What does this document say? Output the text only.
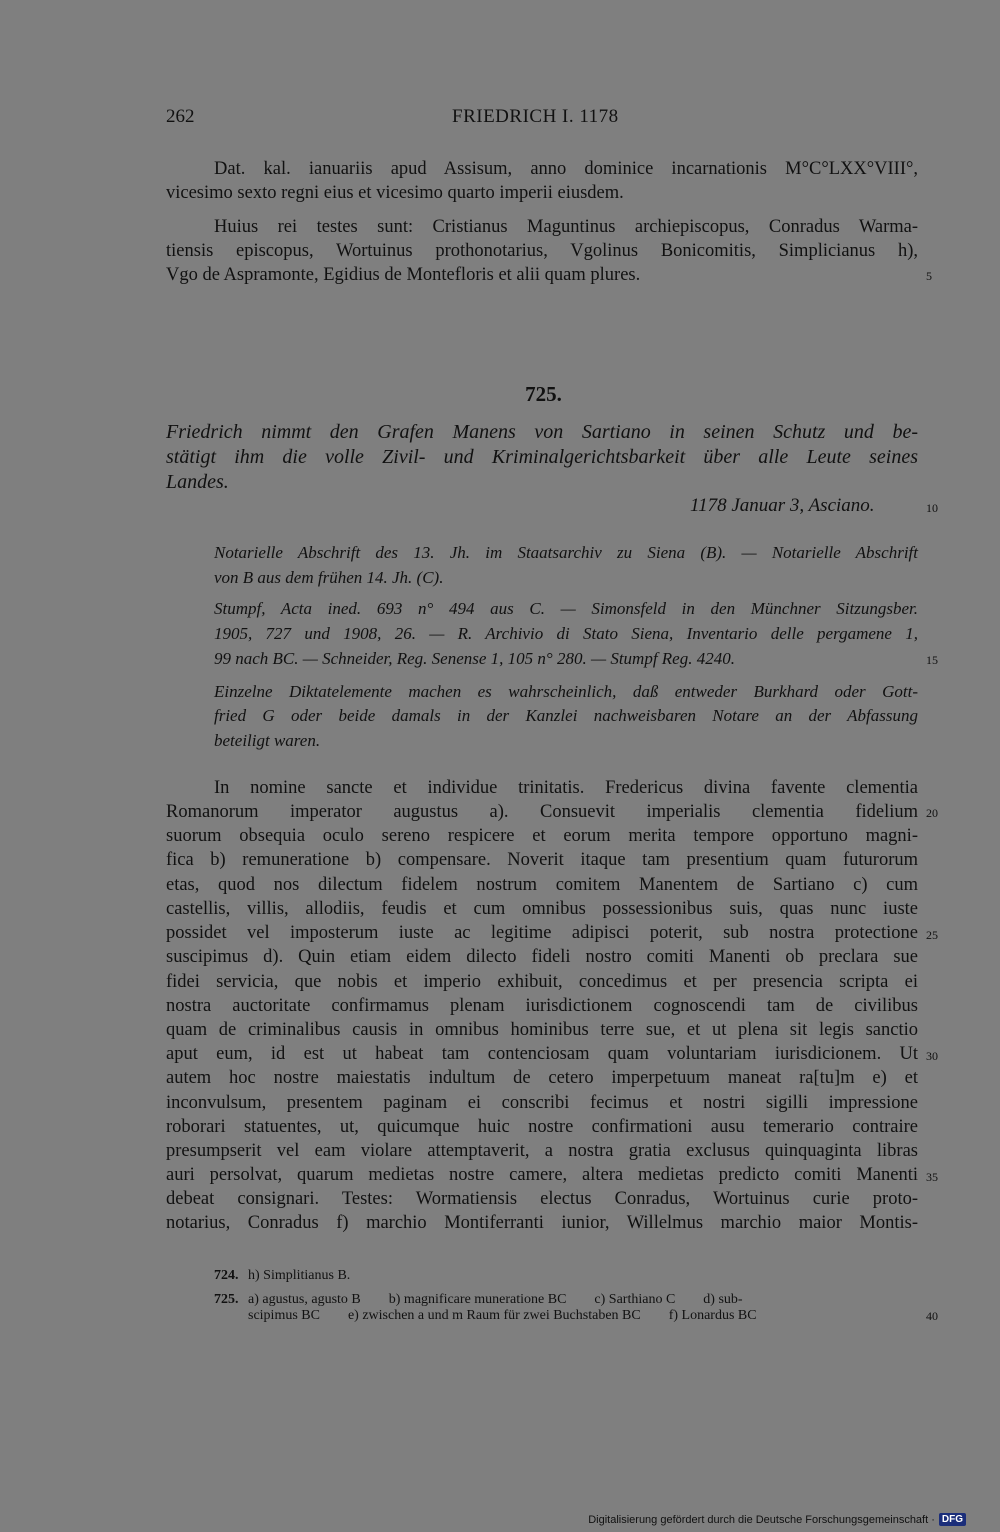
262	FRIEDRICH I. 1178
Dat. kal. ianuariis apud Assisum, anno dominice incarnationis M°C°LXX°VIII°,
vicesimo sexto regni eius et vicesimo quarto imperii eiusdem.
Huius rei testes sunt: Cristianus Maguntinus archiepiscopus, Conradus Warma-
tiensis episcopus, Wortuinus prothonotarius, Vgolinus Bonicomitis, Simplicianus h),
Vgo de Aspramonte, Egidius de Montefloris et alii quam plures.	5
725.
Friedrich nimmt den Grafen Manens von Sartiano in seinen Schutz und be-
stätigt ihm die volle Zivil- und Kriminalgerichtsbarkeit über alle Leute seines
Landes.
1178 Januar 3, Asciano.	10
Notarielle Abschrift des 13. Jh. im Staatsarchiv zu Siena (B). — Notarielle Abschrift
von B aus dem frühen 14. Jh. (C).
Stumpf, Acta ined. 693 n° 494 aus C. — Simonsfeld in den Münchner Sitzungsber.
1905, 727 und 1908, 26. — R. Archivio di Stato Siena, Inventario delle pergamene 1,
99 nach BC. — Schneider, Reg. Senense 1, 105 n° 280. — Stumpf Reg. 4240.	15
Einzelne Diktatelemente machen es wahrscheinlich, daß entweder Burkhard oder Gott-
fried G oder beide damals in der Kanzlei nachweisbaren Notare an der Abfassung
beteiligt waren.
In nomine sancte et individue trinitatis. Fredericus divina favente clementia
Romanorum imperator augustus a). Consuevit imperialis clementia fidelium 20
suorum obsequia oculo sereno respicere et eorum merita tempore opportuno magni-
fica b) remuneratione b) compensare. Noverit itaque tam presentium quam futurorum
etas, quod nos dilectum fidelem nostrum comitem Manentem de Sartiano c) cum
castellis, villis, allodiis, feudis et cum omnibus possessionibus suis, quas nunc iuste
possidet vel imposterum iuste ac legitime adipisci poterit, sub nostra protectione 25
suscipimus d). Quin etiam eidem dilecto fideli nostro comiti Manenti ob preclara sue
fidei servicia, que nobis et imperio exhibuit, concedimus et per presencia scripta ei
nostra auctoritate confirmamus plenam iurisdictionem cognoscendi tam de civilibus
quam de criminalibus causis in omnibus hominibus terre sue, et ut plena sit legis sanctio
aput eum, id est ut habeat tam contenciosam quam voluntariam iurisdicionem. Ut 30
autem hoc nostre maiestatis indultum de cetero imperpetuum maneat ra[tu]m e) et
inconvulsum, presentem paginam ei conscribi fecimus et nostri sigilli impressione
roborari statuentes, ut, quicumque huic nostre confirmationi ausu temerario contraire
presumpserit vel eam violare attemptaverit, a nostra gratia exclusus quinquaginta libras
auri persolvat, quarum medietas nostre camere, altera medietas predicto comiti Manenti 35
debeat consignari. Testes: Wormatiensis electus Conradus, Wortuinus curie proto-
notarius, Conradus f) marchio Montiferranti iunior, Willelmus marchio maior Montis-
724. h) Simplitianus B.
725. a) agustus, agusto B        b) magnificare muneratione BC        c) Sarthiano C        d) sub-
scipimus BC        e) zwischen a und m Raum für zwei Buchstaben BC        f) Lonardus BC	40
Digitalisierung gefördert durch die Deutsche Forschungsgemeinschaft · DFG
